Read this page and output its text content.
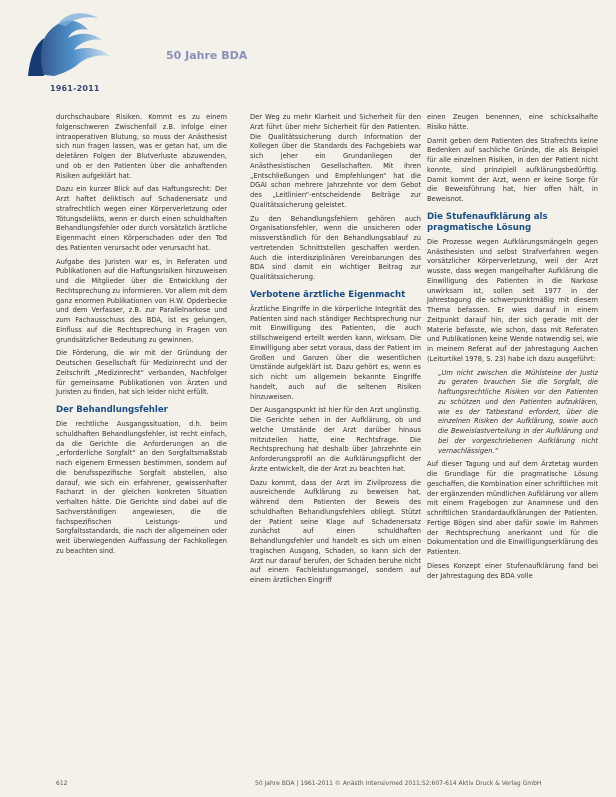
1961-2011
50 Jahre BDA

durchschaubare Risiken. Kommt es zu einem folgenschweren Zwischenfall z.B. infolge einer intraoperativen Blutung, so muss der Anästhesist sich nun fragen lassen, was er getan hat, um die deletären Folgen der Blutverluste abzuwenden, und ob er den Patienten über die anhaftenden Risiken aufgeklärt hat.

Dazu ein kurzer Blick auf das Haftungsrecht: Der Arzt haftet deliktisch auf Schadenersatz und strafrechtlich wegen einer Körperverletzung oder Tötungsdelikts, wenn er durch einen schuldhaften Behandlungsfehler oder durch vorsätzlich ärztliche Eigenmacht einen Körperschaden oder den Tod des Patienten verursacht oder verursacht hat.

Aufgabe des Juristen war es, in Referaten und Publikationen auf die Haftungsrisiken hinzuweisen und die Mitglieder über die Entwicklung der Rechtsprechung zu informieren. Vor allem mit dem ganz enormen Publikationen von H.W. Opderbecke und dem Verfasser, z.B. zur Parallelnarkose und zum Fachausschuss des BDA, ist es gelungen, Einfluss auf die Rechtsprechung in Fragen von grundsätzlicher Bedeutung zu gewinnen.

Die Förderung, die wir mit der Gründung der Deutschen Gesellschaft für Medizinrecht und der Zeitschrift „Medizinrecht“ verbanden, Nachfolger für gemeinsame Publikationen von Ärzten und Juristen zu finden, hat sich leider nicht erfüllt.

Der Behandlungsfehler

Die rechtliche Ausgangssituation, d.h. beim schuldhaften Behandlungsfehler, ist recht einfach, da die Gerichte die Anforderungen an die „erforderliche Sorgfalt“ an den Sorgfaltsmaßstab nach eigenem Ermessen bestimmen, sondern auf die berufsspezifische Sorgfalt abstellen, also darauf, wie sich ein erfahrener, gewissenhafter Facharzt in der gleichen konkreten Situation verhalten hätte. Die Gerichte sind dabei auf die Sachverständigen angewiesen, die die fachspezifischen Leistungs- und Sorgfaltsstandards, die nach der allgemeinen oder weit überwiegenden Auffassung der Fachkollegen zu beachten sind.

Der Weg zu mehr Klarheit und Sicherheit für den Arzt führt über mehr Sicherheit für den Patienten. Die Qualitätssicherung durch Information der Kollegen über die Standards des Fachgebiets war sich jeher ein Grundanliegen der Anästhesistischen Gesellschaften. Mit ihren „Entschließungen und Empfehlungen“ hat die DGAI schon mehrere Jahrzehnte vor dem Gebot des „Leitlinien“-entscheidende Beiträge zur Qualitätssicherung geleistet.

Zu den Behandlungsfehlern gehören auch Organisationsfehler, wenn die unsicheren oder missverständlich für den Behandlungsablauf zu vertretenden Schnittstellen geschaffen werden. Auch die interdisziplinären Vereinbarungen des BDA sind damit ein wichtiger Beitrag zur Qualitätssicherung.

Verbotene ärztliche Eigenmacht

Ärztliche Eingriffe in die körperliche Integrität des Patienten sind nach ständiger Rechtsprechung nur mit Einwilligung des Patienten, die auch stillschweigend erteilt werden kann, wirksam. Die Einwilligung aber setzt voraus, dass der Patient im Großen und Ganzen über die wesentlichen Umstände aufgeklärt ist. Dazu gehört es, wenn es sich nicht um allgemein bekannte Eingriffe handelt, auch auf die seltenen Risiken hinzuweisen.

Der Ausgangspunkt ist hier für den Arzt ungünstig. Die Gerichte sehen in der Aufklärung, ob und welche Umstände der Arzt darüber hinaus mitzuteilen hatte, eine Rechtsfrage. Die Rechtsprechung hat deshalb über Jahrzehnte ein Anforderungsprofil an die Aufklärungspflicht der Ärzte entwickelt, die der Arzt zu beachten hat.

Dazu kommt, dass der Arzt im Zivilprozess die ausreichende Aufklärung zu beweisen hat, während dem Patienten der Beweis des schuldhaften Behandlungsfehlers obliegt. Stützt der Patient seine Klage auf Schadenersatz zunächst auf einen schuldhaften Behandlungsfehler und handelt es sich um einen tragischen Ausgang, Schaden, so kann sich der Arzt nur darauf berufen, der Schaden beruhe nicht auf einem Fachleistungsmangel, sondern auf einem ärztlichen Eingriff

einen Zeugen benennen, eine schicksalhafte Risiko hätte.

Damit geben dem Patienten des Strafrechts keine Bedenken auf sachliche Gründe, die als Beispiel für alle einzelnen Risiken, in den der Patient nicht konnte, sind prinzipiell aufklärungsbedürftig. Damit kommt der Arzt, wenn er keine Sorge für die Beweisführung hat, hier offen hält, in Beweisnot.

Die Stufenaufklärung als pragmatische Lösung

Die Prozesse wegen Aufklärungsmängeln gegen Anästhesisten und selbst Strafverfahren wegen vorsätzlicher Körperverletzung, weil der Arzt wusste, dass wegen mangelhafter Aufklärung die Einwilligung des Patienten in die Narkose unwirksam ist, sollen seit 1977 in der Jahrestagung die schwerpunktmäßig mit diesem Thema befassen. Er wies darauf in einem Zeitpunkt darauf hin, der sich gerade mit der Materie befasste, wie schon, dass mit Referaten und Publikationen keine Wende notwendig sei, wie in meinem Referat auf der Jahrestagung Aachen (Leiturtikel 1978, S. 23) habe ich dazu ausgeführt:

„Um nicht zwischen die Mühlsteine der Justiz zu geraten brauchen Sie die Sorgfalt, die haftungsrechtliche Risiken vor den Patienten zu schützen und den Patienten aufzuklären, wie es der Tatbestand erfordert, über die einzelnen Risiken der Aufklärung, sowie auch die Beweislastverteilung in der Aufklärung und bei der vorgeschriebenen Aufklärung nicht vernachlässigen.“

Auf dieser Tagung und auf dem Ärztetag wurden die Grundlage für die pragmatische Lösung geschaffen, die Kombination einer schriftlichen mit der ergänzenden mündlichen Aufklärung vor allem mit einem Fragebogen zur Anamnese und den schriftlichen Standardaufklärungen der Patienten. Fertige Bögen sind aber dafür sowie im Rahmen der Rechtsprechung anerkannt und für die Dokumentation und die Einwilligungserklärung des Patienten.

Dieses Konzept einer Stufenaufklärung fand bei der Jahrestagung des BDA volle

612	50 Jahre BDA | 1961-2011 © Anästh Intensivmed 2011;52:607-614 Aktiv Druck & Verlag GmbH
